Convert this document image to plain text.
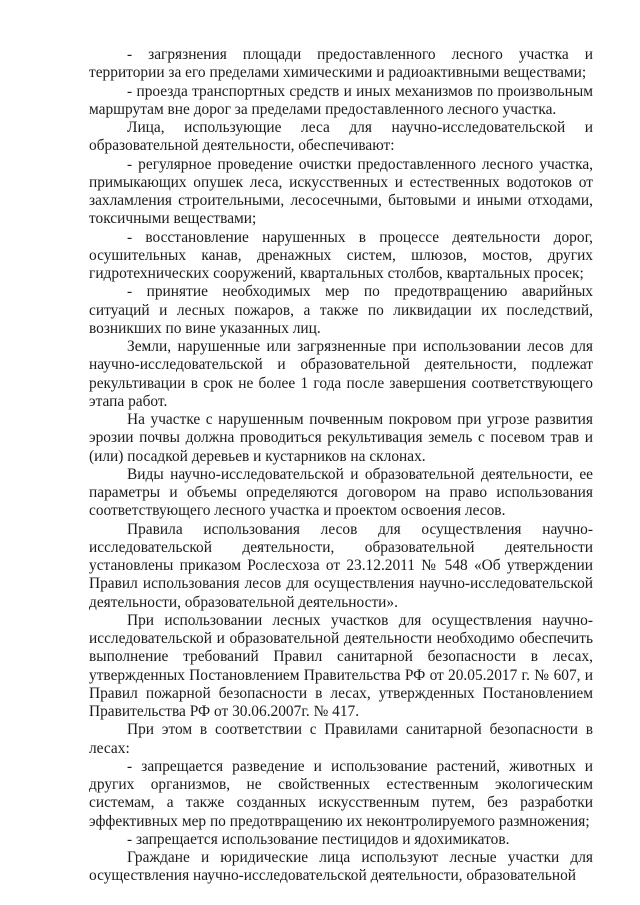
- загрязнения площади предоставленного лесного участка и территории за его пределами химическими и радиоактивными веществами;

- проезда транспортных средств и иных механизмов по произвольным маршрутам вне дорог за пределами предоставленного лесного участка.

Лица, использующие леса для научно-исследовательской и образовательной деятельности, обеспечивают:

- регулярное проведение очистки предоставленного лесного участка, примыкающих опушек леса, искусственных и естественных водотоков от захламления строительными, лесосечными, бытовыми и иными отходами, токсичными веществами;

- восстановление нарушенных в процессе деятельности дорог, осушительных канав, дренажных систем, шлюзов, мостов, других гидротехнических сооружений, квартальных столбов, квартальных просек;

- принятие необходимых мер по предотвращению аварийных ситуаций и лесных пожаров, а также по ликвидации их последствий, возникших по вине указанных лиц.

Земли, нарушенные или загрязненные при использовании лесов для научно-исследовательской и образовательной деятельности, подлежат рекультивации в срок не более 1 года после завершения соответствующего этапа работ.

На участке с нарушенным почвенным покровом при угрозе развития эрозии почвы должна проводиться рекультивация земель с посевом трав и (или) посадкой деревьев и кустарников на склонах.

Виды научно-исследовательской и образовательной деятельности, ее параметры и объемы определяются договором на право использования соответствующего лесного участка и проектом освоения лесов.

Правила использования лесов для осуществления научно-исследовательской деятельности, образовательной деятельности установлены приказом Рослесхоза от 23.12.2011 № 548 «Об утверждении Правил использования лесов для осуществления научно-исследовательской деятельности, образовательной деятельности».

При использовании лесных участков для осуществления научно-исследовательской и образовательной деятельности необходимо обеспечить выполнение требований Правил санитарной безопасности в лесах, утвержденных Постановлением Правительства РФ от 20.05.2017 г. № 607, и Правил пожарной безопасности в лесах, утвержденных Постановлением Правительства РФ от 30.06.2007г. № 417.

При этом в соответствии с Правилами санитарной безопасности в лесах:

- запрещается разведение и использование растений, животных и других организмов, не свойственных естественным экологическим системам, а также созданных искусственным путем, без разработки эффективных мер по предотвращению их неконтролируемого размножения;

- запрещается использование пестицидов и ядохимикатов.

Граждане и юридические лица используют лесные участки для осуществления научно-исследовательской деятельности, образовательной
